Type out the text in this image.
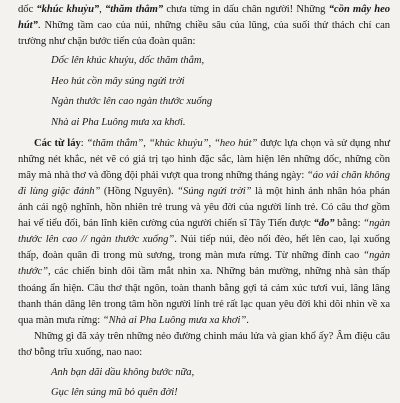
dốc “khúc khuỷu”, “thăm thẳm” chưa từng in dấu chân người! Những “cồn mây heo hút”. Những tầm cao của núi, những chiều sâu của lũng, của suối thử thách chí can trường như chặn bước tiến của đoàn quân:

Dốc lên khúc khuỷu, dốc thăm thẳm,
Heo hút cồn mây súng ngửi trời
Ngàn thước lên cao ngàn thước xuống
Nhà ai Pha Luông mưa xa khơi.

Các từ láy: “thăm thẳm”, “khúc khuỷu”, “heo hút” được lựa chọn và sử dụng như những nét khắc, nét vẽ có giá trị tạo hình đặc sắc, làm hiện lên những dốc, những cồn mây mà nhà thơ và đồng đội phải vượt qua trong những tháng ngày: “áo vải chăn không đi lùng giặc đánh” (Hồng Nguyên). “Súng ngửi trời” là một hình ảnh nhân hóa phản ánh cái ngộ nghĩnh, hồn nhiên trẻ trung và yêu đời của người lính trẻ. Có câu thơ gồm hai vế tiểu đối, bản lĩnh kiên cường của người chiến sĩ Tây Tiến được “đo” bằng: “ngàn thước lên cao // ngàn thước xuống”. Núi tiếp núi, đèo nối đèo, hết lên cao, lại xuống thấp, đoàn quân đi trong mù sương, trong màn mưa rừng. Từ những đỉnh cao “ngàn thước”, các chiến binh dõi tầm mắt nhìn xa. Những bản mường, những nhà sàn thấp thoáng ẩn hiện. Câu thơ thật ngôn, toàn thanh bằng gợi tả cảm xúc tươi vui, lâng lâng thanh thản dâng lên trong tâm hồn người lính trẻ rất lạc quan yêu đời khi dõi nhìn về xa qua màn mưa rừng: “Nhà ai Pha Luông mưa xa khơi”.

Những gì đã xảy trên những nẻo đường chinh máu lửa và gian khổ ấy? Âm điệu câu thơ bỗng trĩu xuống, nao nao:

Anh bạn dãi dầu không bước nữa,
Gục lên súng mũ bỏ quên đời!
